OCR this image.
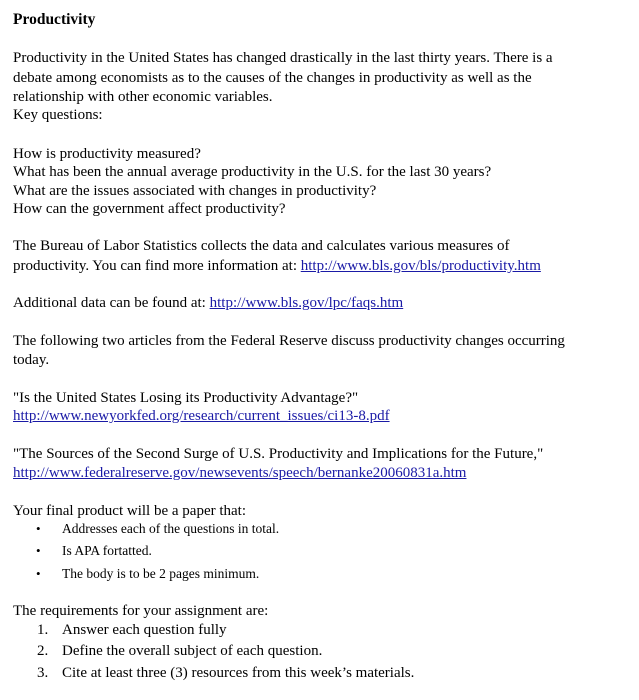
Productivity
Productivity in the United States has changed drastically in the last thirty years. There is a
debate among economists as to the causes of the changes in productivity as well as the
relationship with other economic variables.
Key questions:
How is productivity measured?
What has been the annual average productivity in the U.S. for the last 30 years?
What are the issues associated with changes in productivity?
How can the government affect productivity?
The Bureau of Labor Statistics collects the data and calculates various measures of
productivity. You can find more information at: http://www.bls.gov/bls/productivity.htm
Additional data can be found at: http://www.bls.gov/lpc/faqs.htm
The following two articles from the Federal Reserve discuss productivity changes occurring
today.
"Is the United States Losing its Productivity Advantage?"
http://www.newyorkfed.org/research/current_issues/ci13-8.pdf
"The Sources of the Second Surge of U.S. Productivity and Implications for the Future,"
http://www.federalreserve.gov/newsevents/speech/bernanke20060831a.htm
Your final product will be a paper that:
• Addresses each of the questions in total.
• Is APA fortatted.
• The body is to be 2 pages minimum.
The requirements for your assignment are:
1. Answer each question fully
2. Define the overall subject of each question.
3. Cite at least three (3) resources from this week’s materials.
